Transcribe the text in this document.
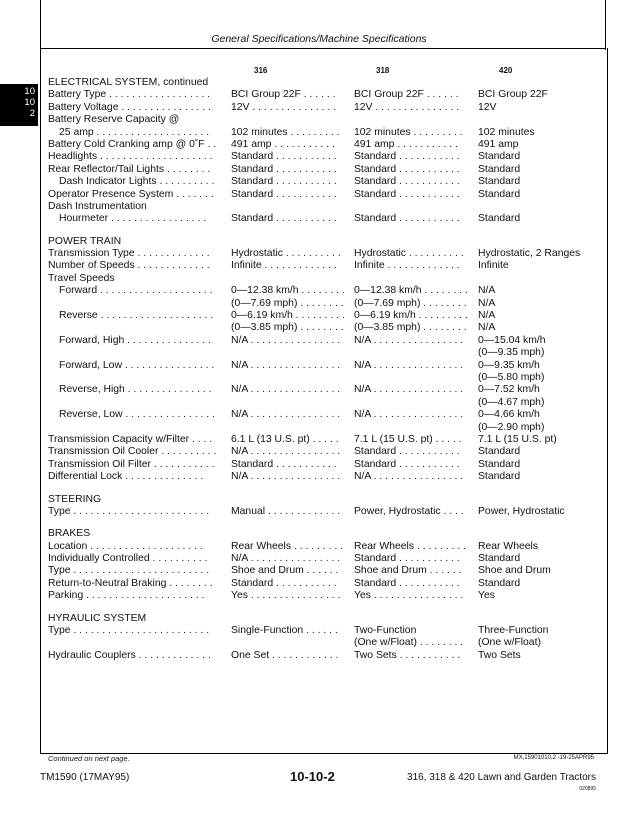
General Specifications/Machine Specifications
10
10
2
316	318	420
ELECTRICAL SYSTEM, continued
Battery Type . . . . . . . . . . . . . . . . . .	BCI Group 22F . . . . . .	BCI Group 22F . . . . . .	BCI Group 22F
Battery Voltage . . . . . . . . . . . . . . . .	12V . . . . . . . . . . . . . . .	12V . . . . . . . . . . . . . . .	12V
Battery Reserve Capacity @
25 amp . . . . . . . . . . . . . . . . . . . .	102 minutes . . . . . . . . .	102 minutes . . . . . . . . .	102 minutes
Battery Cold Cranking amp @ 0˚F . .	491 amp . . . . . . . . . . .	491 amp . . . . . . . . . . .	491 amp
Headlights . . . . . . . . . . . . . . . . . . . .	Standard . . . . . . . . . . .	Standard . . . . . . . . . . .	Standard
Rear Reflector/Tail Lights . . . . . . . .	Standard . . . . . . . . . . .	Standard . . . . . . . . . . .	Standard
Dash Indicator Lights . . . . . . . . . .	Standard . . . . . . . . . . .	Standard . . . . . . . . . . .	Standard
Operator Presence System . . . . . . .	Standard . . . . . . . . . . .	Standard . . . . . . . . . . .	Standard
Dash Instrumentation
Hourmeter . . . . . . . . . . . . . . . . .	Standard . . . . . . . . . . .	Standard . . . . . . . . . . .	Standard
POWER TRAIN
Transmission Type . . . . . . . . . . . . .	Hydrostatic . . . . . . . . . .	Hydrostatic . . . . . . . . . .	Hydrostatic, 2 Ranges
Number of Speeds . . . . . . . . . . . . .	Infinite . . . . . . . . . . . . .	Infinite . . . . . . . . . . . . .	Infinite
Travel Speeds
Forward . . . . . . . . . . . . . . . . . . . .	0—12.38 km/h . . . . . . . . 0—12.38 km/h . . . . . . . . N/A
(0—7.69 mph) . . . . . . . . (0—7.69 mph) . . . . . . . .	N/A
Reverse . . . . . . . . . . . . . . . . . . . .	0—6.19 km/h . . . . . . . . . 0—6.19 km/h . . . . . . . . . N/A
(0—3.85 mph) . . . . . . . . (0—3.85 mph) . . . . . . . .	N/A
Forward, High . . . . . . . . . . . . . . .	N/A . . . . . . . . . . . . . . . .	N/A . . . . . . . . . . . . . . . .	0—15.04 km/h
(0—9.35 mph)
Forward, Low . . . . . . . . . . . . . . . .	N/A . . . . . . . . . . . . . . . .	N/A . . . . . . . . . . . . . . . .	0—9.35 km/h
(0—5.80 mph)
Reverse, High . . . . . . . . . . . . . . .	N/A . . . . . . . . . . . . . . . .	N/A . . . . . . . . . . . . . . . .	0—7.52 km/h
(0—4.67 mph)
Reverse, Low . . . . . . . . . . . . . . . .	N/A . . . . . . . . . . . . . . . .	N/A . . . . . . . . . . . . . . . .	0—4.66 km/h
(0—2.90 mph)
Transmission Capacity w/Filter . . . .	6.1 L (13 U.S. pt) . . . . .	7.1 L (15 U.S. pt) . . . . .	7.1 L (15 U.S. pt)
Transmission Oil Cooler . . . . . . . . . .	N/A . . . . . . . . . . . . . . . .	Standard . . . . . . . . . . .	Standard
Transmission Oil Filter . . . . . . . . . . .	Standard . . . . . . . . . . .	Standard . . . . . . . . . . .	Standard
Differential Lock . . . . . . . . . . . . . .	N/A . . . . . . . . . . . . . . . .	N/A . . . . . . . . . . . . . . . .	Standard
STEERING
Type . . . . . . . . . . . . . . . . . . . . . . . .	Manual . . . . . . . . . . . . .	Power, Hydrostatic . . . .	Power, Hydrostatic
BRAKES
Location . . . . . . . . . . . . . . . . . . . .	Rear Wheels . . . . . . . . .	Rear Wheels . . . . . . . . .	Rear Wheels
Individually Controlled . . . . . . . . . .	N/A . . . . . . . . . . . . . . . .	Standard . . . . . . . . . . .	Standard
Type . . . . . . . . . . . . . . . . . . . . . . . .	Shoe and Drum . . . . . .	Shoe and Drum . . . . . .	Shoe and Drum
Return-to-Neutral Braking . . . . . . . .	Standard . . . . . . . . . . .	Standard . . . . . . . . . . .	Standard
Parking . . . . . . . . . . . . . . . . . . . . .	Yes . . . . . . . . . . . . . . . .	Yes . . . . . . . . . . . . . . . .	Yes
HYRAULIC SYSTEM
Type . . . . . . . . . . . . . . . . . . . . . . . .	Single-Function . . . . . .	Two-Function	Three-Function
(One w/Float) . . . . . . . .	(One w/Float)
Hydraulic Couplers . . . . . . . . . . . . .	One Set . . . . . . . . . . . .	Two Sets . . . . . . . . . . .	Two Sets
Continued on next page.	MX,15901010,2 -19-25APR95
TM1590 (17MAY95)	10-10-2	316, 318 & 420 Lawn and Garden Tractors
020895
